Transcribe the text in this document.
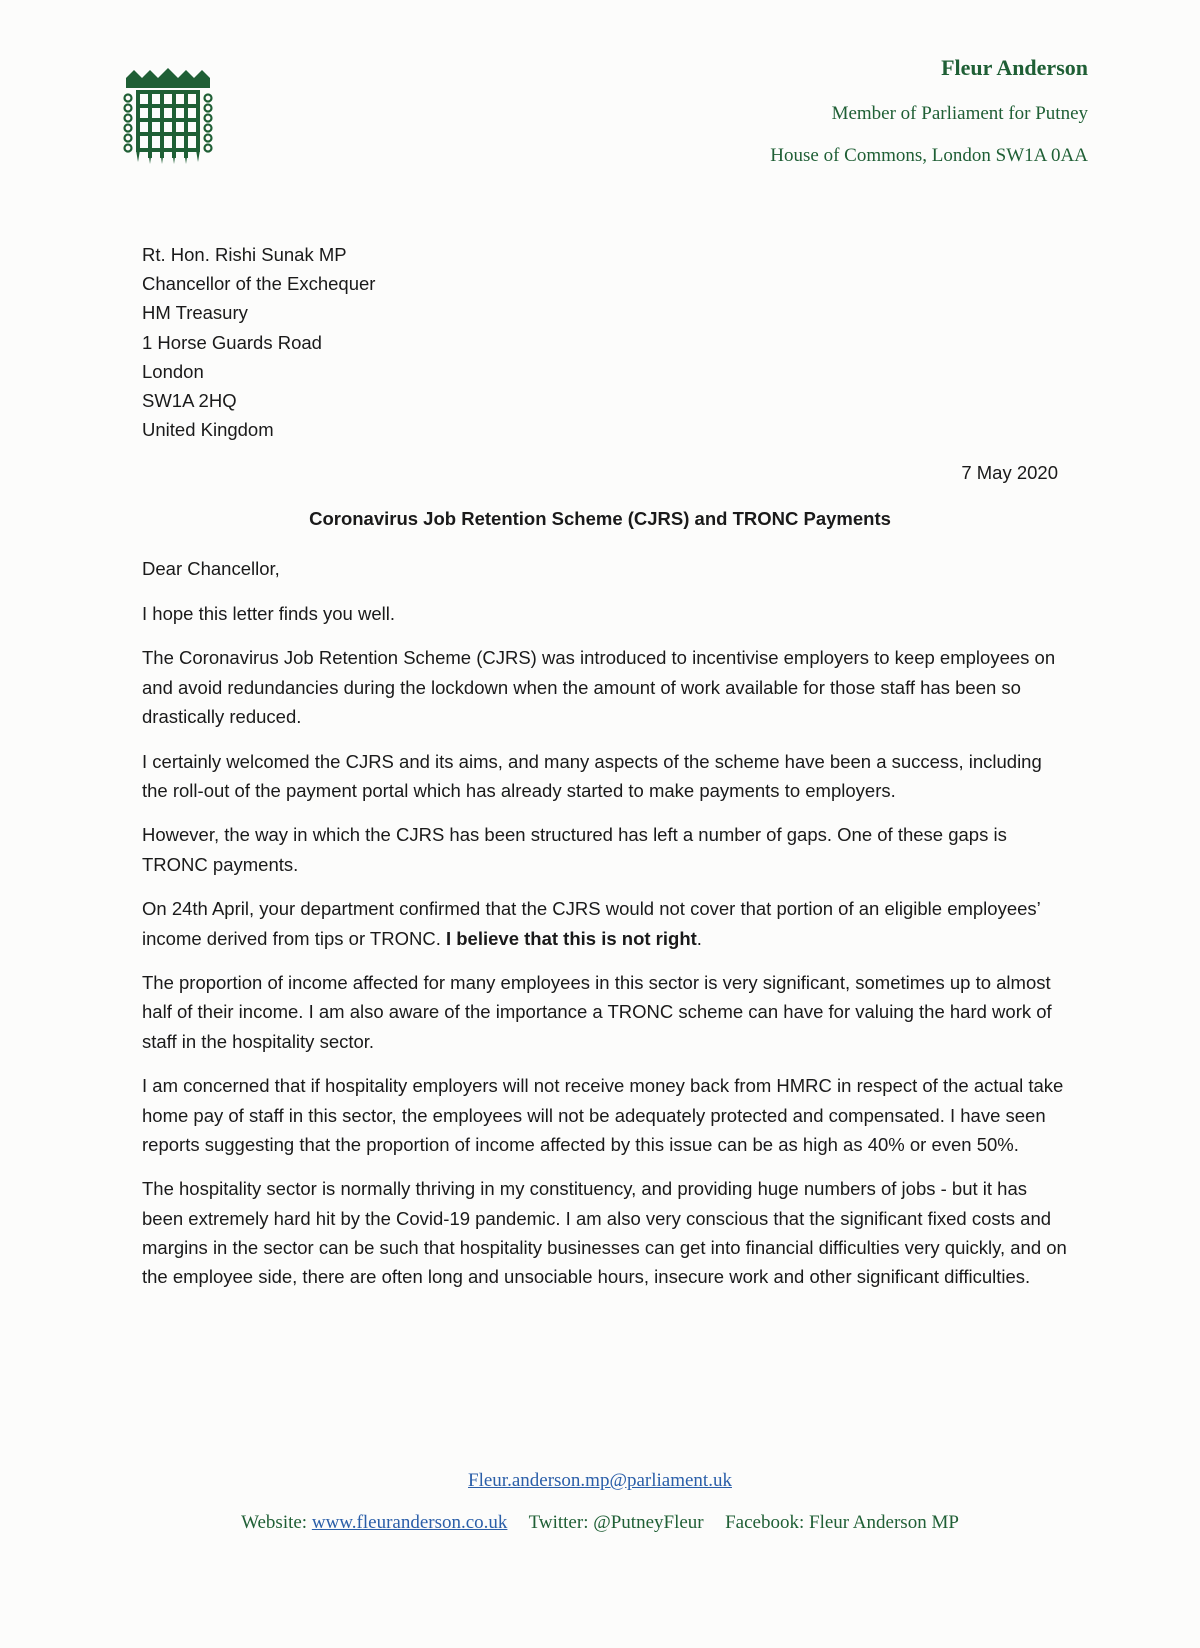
Fleur Anderson
Member of Parliament for Putney
House of Commons, London SW1A 0AA
Rt. Hon. Rishi Sunak MP
Chancellor of the Exchequer
HM Treasury
1 Horse Guards Road
London
SW1A 2HQ
United Kingdom
7 May 2020
Coronavirus Job Retention Scheme (CJRS) and TRONC Payments

Dear Chancellor,

I hope this letter finds you well.

The Coronavirus Job Retention Scheme (CJRS) was introduced to incentivise employers to keep employees on and avoid redundancies during the lockdown when the amount of work available for those staff has been so drastically reduced.

I certainly welcomed the CJRS and its aims, and many aspects of the scheme have been a success, including the roll-out of the payment portal which has already started to make payments to employers.

However, the way in which the CJRS has been structured has left a number of gaps. One of these gaps is TRONC payments.

On 24th April, your department confirmed that the CJRS would not cover that portion of an eligible employees’ income derived from tips or TRONC. I believe that this is not right.

The proportion of income affected for many employees in this sector is very significant, sometimes up to almost half of their income. I am also aware of the importance a TRONC scheme can have for valuing the hard work of staff in the hospitality sector.

I am concerned that if hospitality employers will not receive money back from HMRC in respect of the actual take home pay of staff in this sector, the employees will not be adequately protected and compensated. I have seen reports suggesting that the proportion of income affected by this issue can be as high as 40% or even 50%.

The hospitality sector is normally thriving in my constituency, and providing huge numbers of jobs - but it has been extremely hard hit by the Covid-19 pandemic. I am also very conscious that the significant fixed costs and margins in the sector can be such that hospitality businesses can get into financial difficulties very quickly, and on the employee side, there are often long and unsociable hours, insecure work and other significant difficulties.

Fleur.anderson.mp@parliament.uk
Website: www.fleuranderson.co.uk Twitter: @PutneyFleur Facebook: Fleur Anderson MP
